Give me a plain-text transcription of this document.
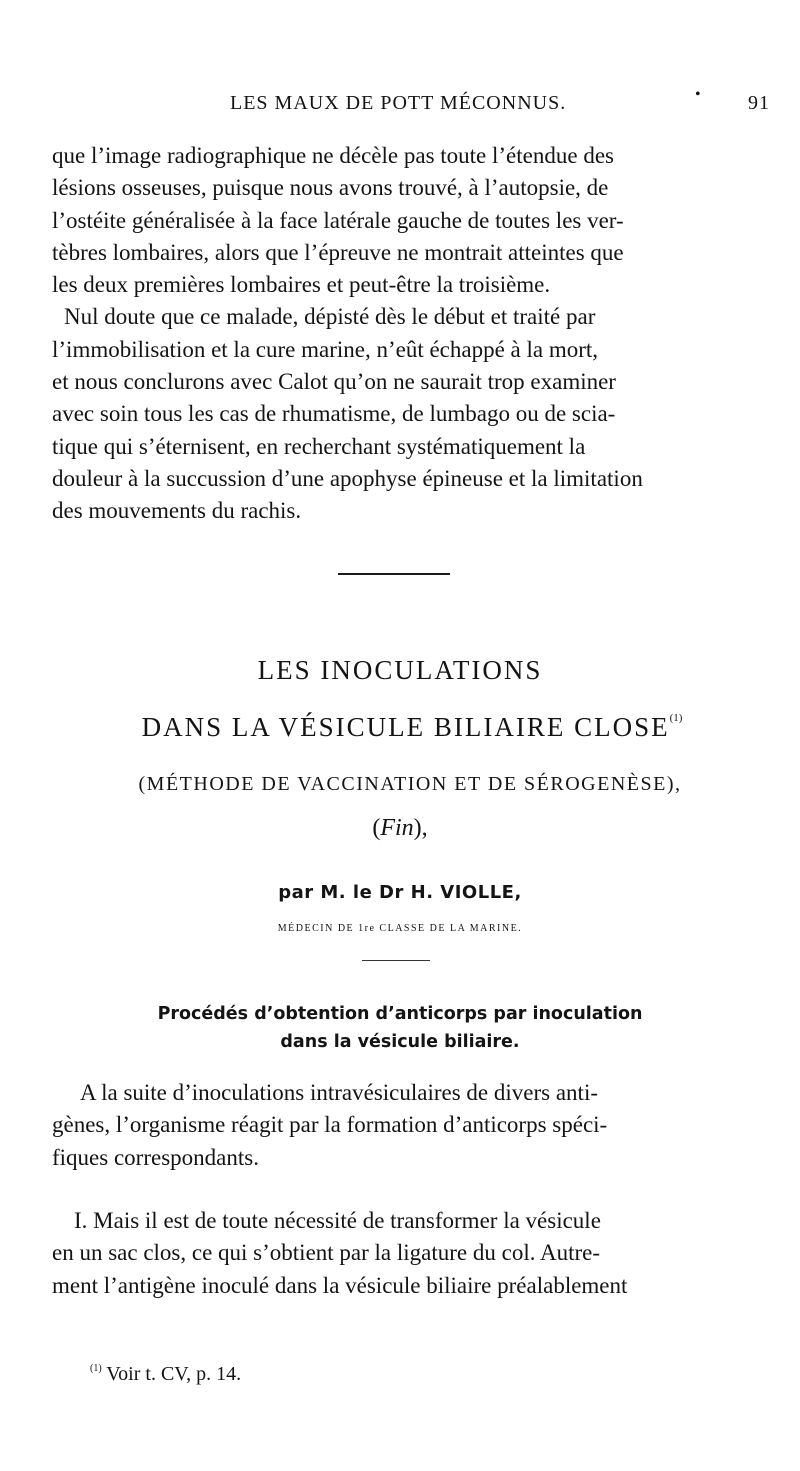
LES MAUX DE POTT MÉCONNUS.	• 91

que l’image radiographique ne décèle pas toute l’étendue des

lésions osseuses, puisque nous avons trouvé, à l’autopsie, de

l’ostéite généralisée à la face latérale gauche de toutes les ver-

tèbres lombaires, alors que l’épreuve ne montrait atteintes que

les deux premières lombaires et peut-être la troisième.

Nul doute que ce malade, dépisté dès le début et traité par

l’immobilisation et la cure marine, n’eût échappé à la mort,

et nous conclurons avec Calot qu’on ne saurait trop examiner

avec soin tous les cas de rhumatisme, de lumbago ou de scia-

tique qui s’éternisent, en recherchant systématiquement la

douleur à la succussion d’une apophyse épineuse et la limitation

des mouvements du rachis.

LES INOCULATIONS
DANS LA VÉSICULE BILIAIRE CLOSE$^{(1)}$
(MÉTHODE DE VACCINATION ET DE SÉROGENÈSE),
(Fin),
par M. le Dr H. VIOLLE,
MÉDECIN DE 1re CLASSE DE LA MARINE.
Procédés d’obtention d’anticorps par inoculation
dans la vésicule biliaire.

A la suite d’inoculations intravésiculaires de divers anti-

gènes, l’organisme réagit par la formation d’anticorps spéci-

fiques correspondants.

I. Mais il est de toute nécessité de transformer la vésicule

en un sac clos, ce qui s’obtient par la ligature du col. Autre-

ment l’antigène inoculé dans la vésicule biliaire préalablement

$^{(1)}$ Voir t. CV, p. 14.
